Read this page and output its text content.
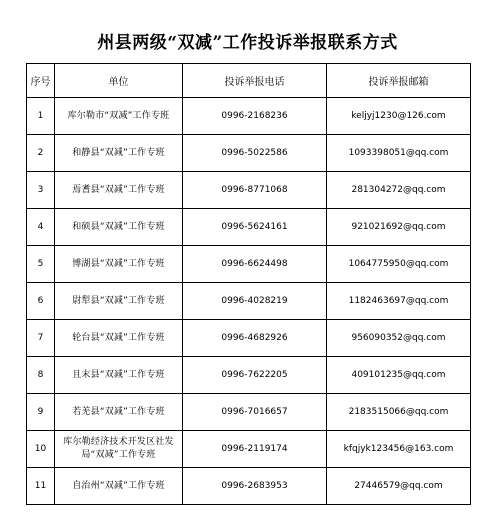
州县两级“双减”工作投诉举报联系方式
序号	单位	投诉举报电话	投诉举报邮箱
1	库尔勒市“双减”工作专班	0996-2168236	keljyj1230@126.com
2	和静县“双减”工作专班	0996-5022586	1093398051@qq.com
3	焉耆县“双减”工作专班	0996-8771068	281304272@qq.com
4	和硕县“双减”工作专班	0996-5624161	921021692@qq.com
5	博湖县“双减”工作专班	0996-6624498	1064775950@qq.com
6	尉犁县“双减”工作专班	0996-4028219	1182463697@qq.com
7	轮台县“双减”工作专班	0996-4682926	956090352@qq.com
8	且末县“双减”工作专班	0996-7622205	409101235@qq.com
9	若羌县“双减”工作专班	0996-7016657	2183515066@qq.com
10	库尔勒经济技术开发区社发局“双减”工作专班	0996-2119174	kfqjyk123456@163.com
11	自治州“双减”工作专班	0996-2683953	27446579@qq.com
